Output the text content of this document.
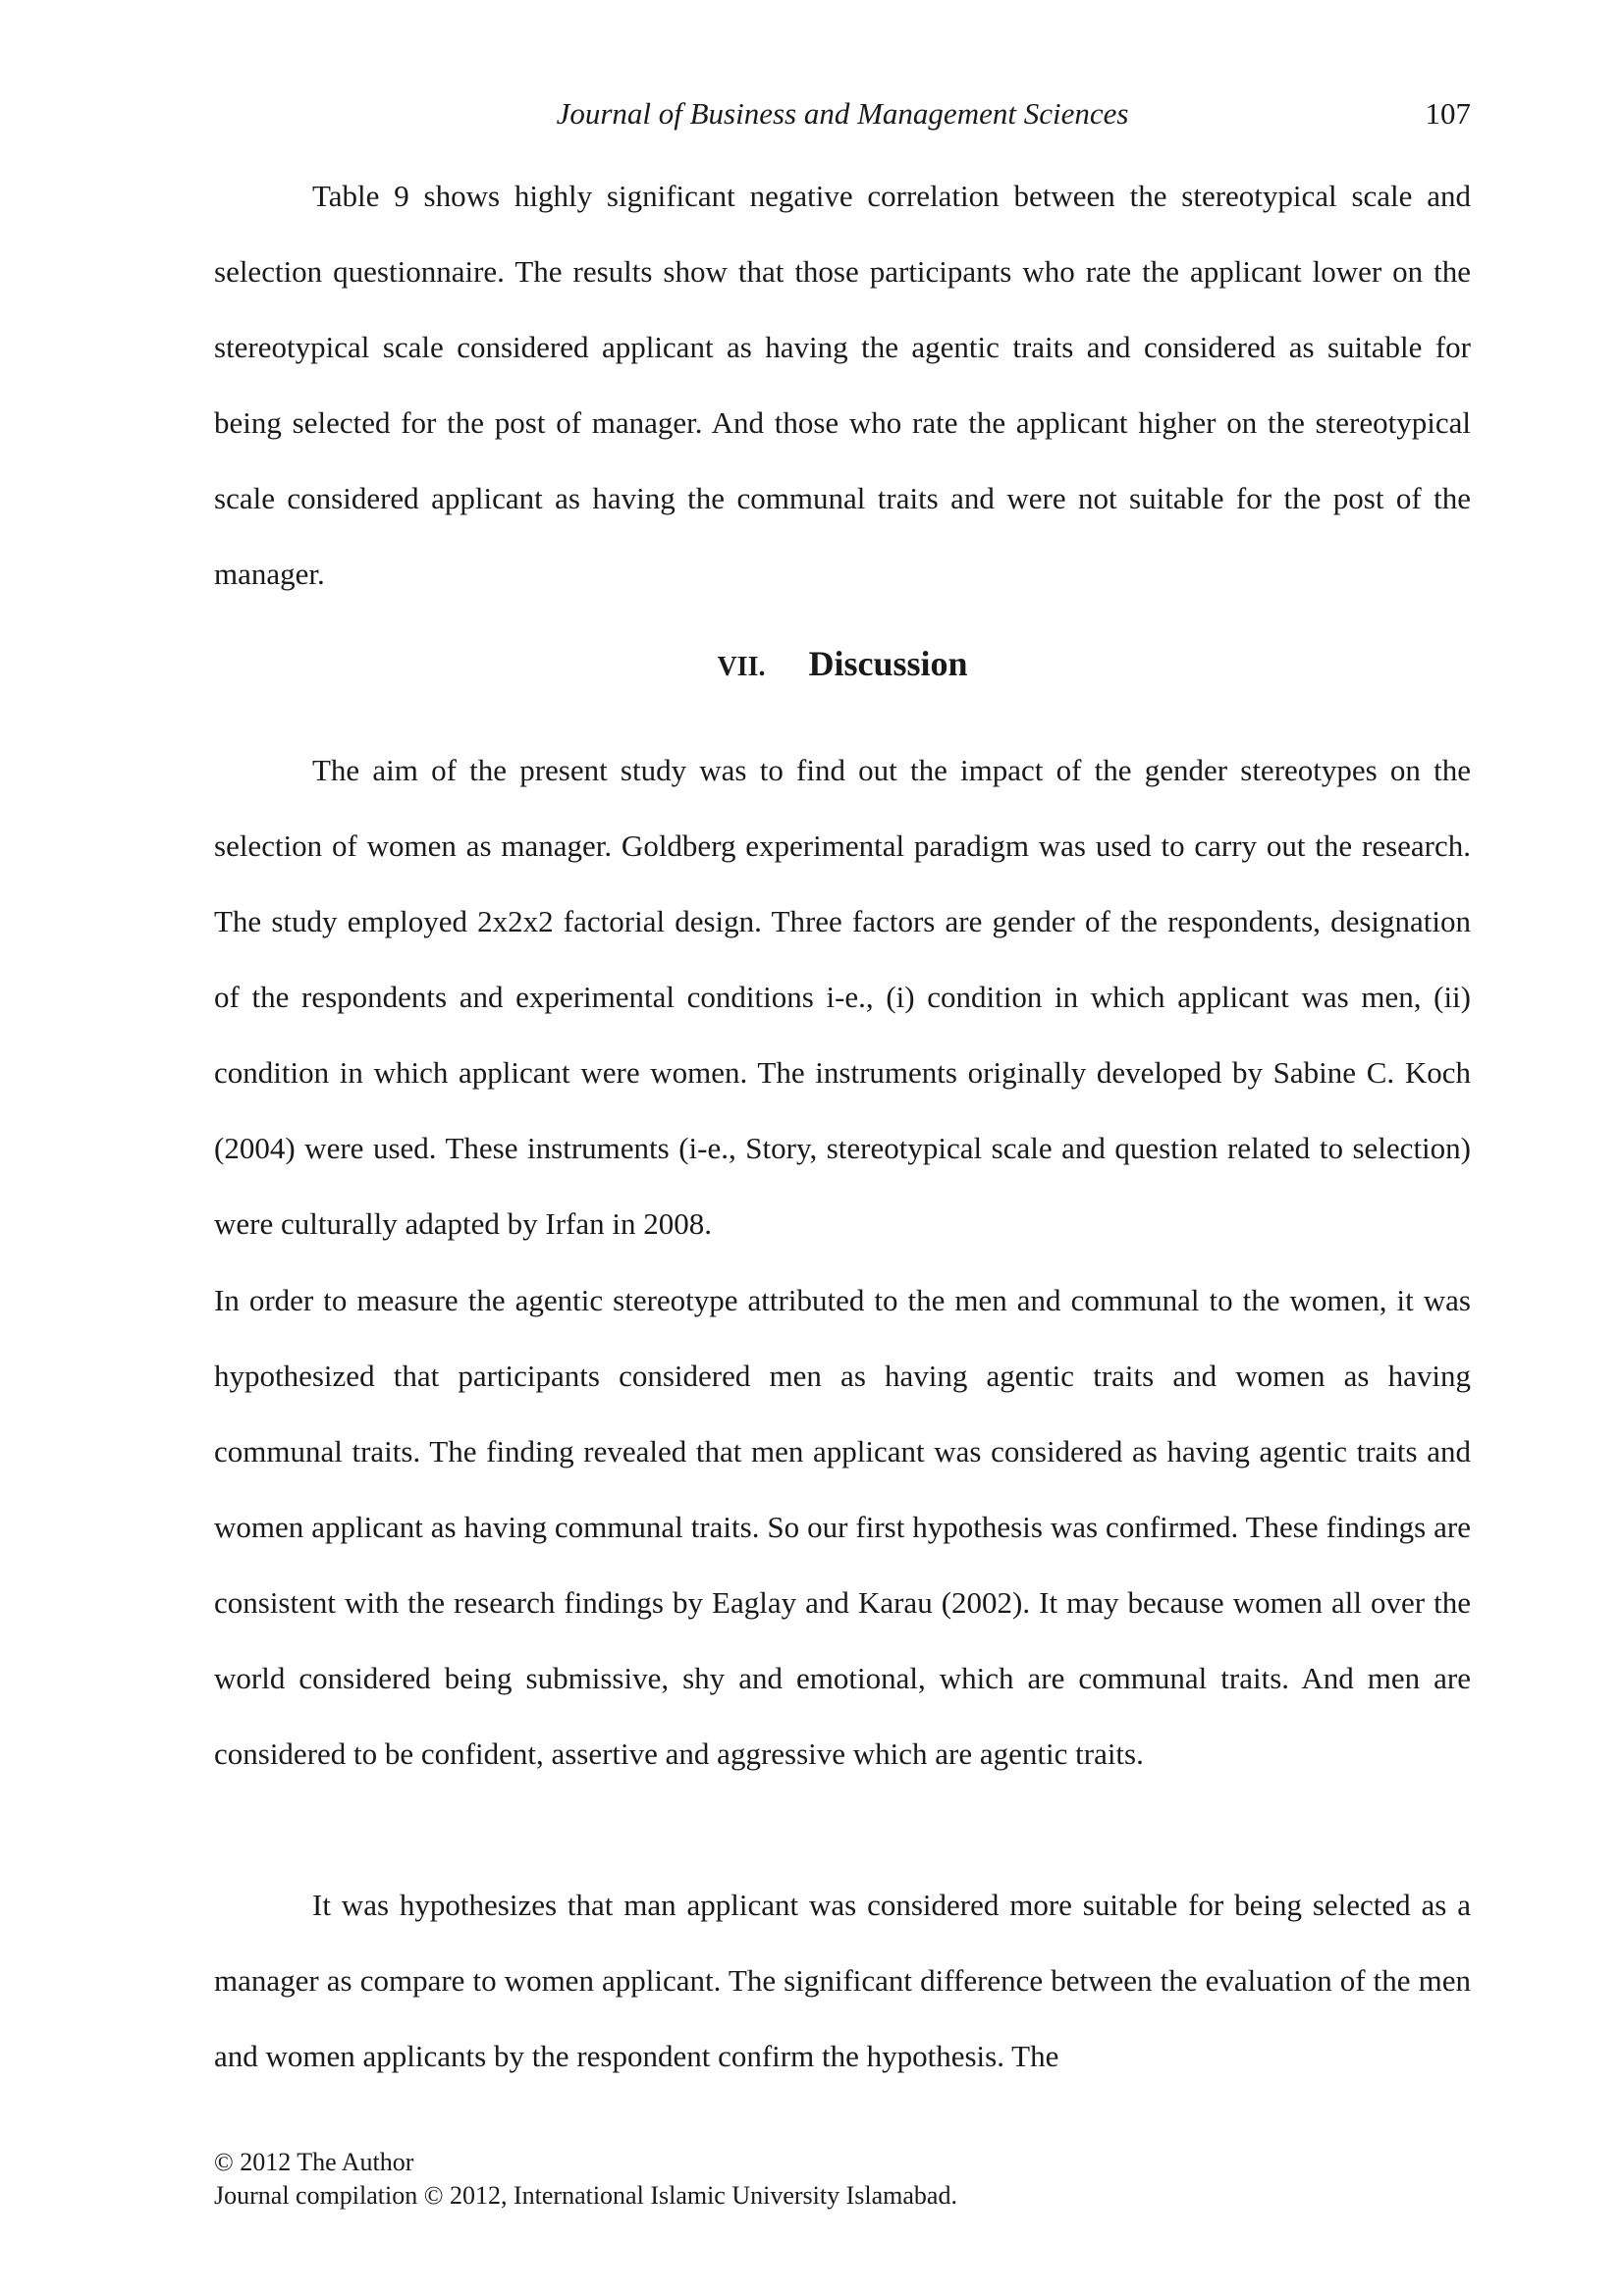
Journal of Business and Management Sciences	107

Table 9 shows highly significant negative correlation between the stereotypical scale and selection questionnaire. The results show that those participants who rate the applicant lower on the stereotypical scale considered applicant as having the agentic traits and considered as suitable for being selected for the post of manager. And those who rate the applicant higher on the stereotypical scale considered applicant as having the communal traits and were not suitable for the post of the manager.

VII. Discussion

The aim of the present study was to find out the impact of the gender stereotypes on the selection of women as manager. Goldberg experimental paradigm was used to carry out the research. The study employed 2x2x2 factorial design. Three factors are gender of the respondents, designation of the respondents and experimental conditions i-e., (i) condition in which applicant was men, (ii) condition in which applicant were women. The instruments originally developed by Sabine C. Koch (2004) were used. These instruments (i-e., Story, stereotypical scale and question related to selection) were culturally adapted by Irfan in 2008.

In order to measure the agentic stereotype attributed to the men and communal to the women, it was hypothesized that participants considered men as having agentic traits and women as having communal traits. The finding revealed that men applicant was considered as having agentic traits and women applicant as having communal traits. So our first hypothesis was confirmed. These findings are consistent with the research findings by Eaglay and Karau (2002). It may because women all over the world considered being submissive, shy and emotional, which are communal traits. And men are considered to be confident, assertive and aggressive which are agentic traits.

It was hypothesizes that man applicant was considered more suitable for being selected as a manager as compare to women applicant. The significant difference between the evaluation of the men and women applicants by the respondent confirm the hypothesis. The

© 2012 The Author
Journal compilation © 2012, International Islamic University Islamabad.
